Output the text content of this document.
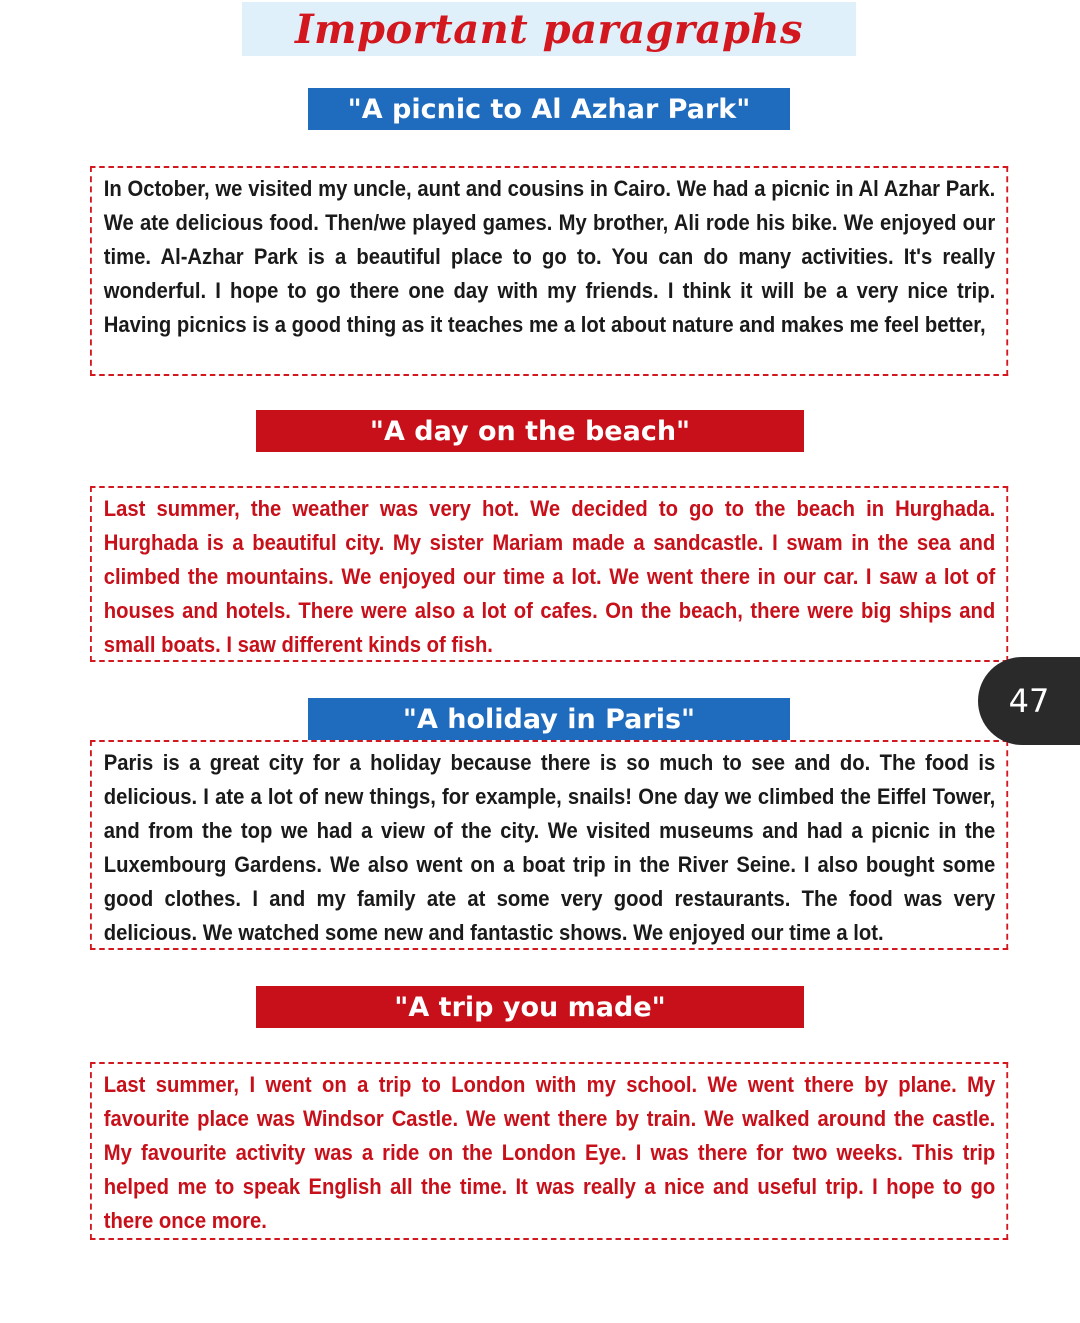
Important paragraphs
"A picnic to Al Azhar Park"
In October, we visited my uncle, aunt and cousins in Cairo. We had a picnic in Al Azhar Park. We ate delicious food. Then/we played games. My brother, Ali rode his bike. We enjoyed our time. Al-Azhar Park is a beautiful place to go to. You can do many activities. It's really wonderful. I hope to go there one day with my friends. I think it will be a very nice trip. Having picnics is a good thing as it teaches me a lot about nature and makes me feel better,
"A day on the beach"
Last summer, the weather was very hot. We decided to go to the beach in Hurghada. Hurghada is a beautiful city. My sister Mariam made a sandcastle. I swam in the sea and climbed the mountains. We enjoyed our time a lot. We went there in our car. I saw a lot of houses and hotels. There were also a lot of cafes. On the beach, there were big ships and small boats. I saw different kinds of fish.
"A holiday in Paris"
Paris is a great city for a holiday because there is so much to see and do. The food is delicious. I ate a lot of new things, for example, snails! One day we climbed the Eiffel Tower, and from the top we had a view of the city. We visited museums and had a picnic in the Luxembourg Gardens. We also went on a boat trip in the River Seine. I also bought some good clothes. I and my family ate at some very good restaurants. The food was very delicious. We watched some new and fantastic shows. We enjoyed our time a lot.
"A trip you made"
Last summer, I went on a trip to London with my school. We went there by plane. My favourite place was Windsor Castle. We went there by train. We walked around the castle. My favourite activity was a ride on the London Eye. I was there for two weeks. This trip helped me to speak English all the time. It was really a nice and useful trip. I hope to go there once more.
47
